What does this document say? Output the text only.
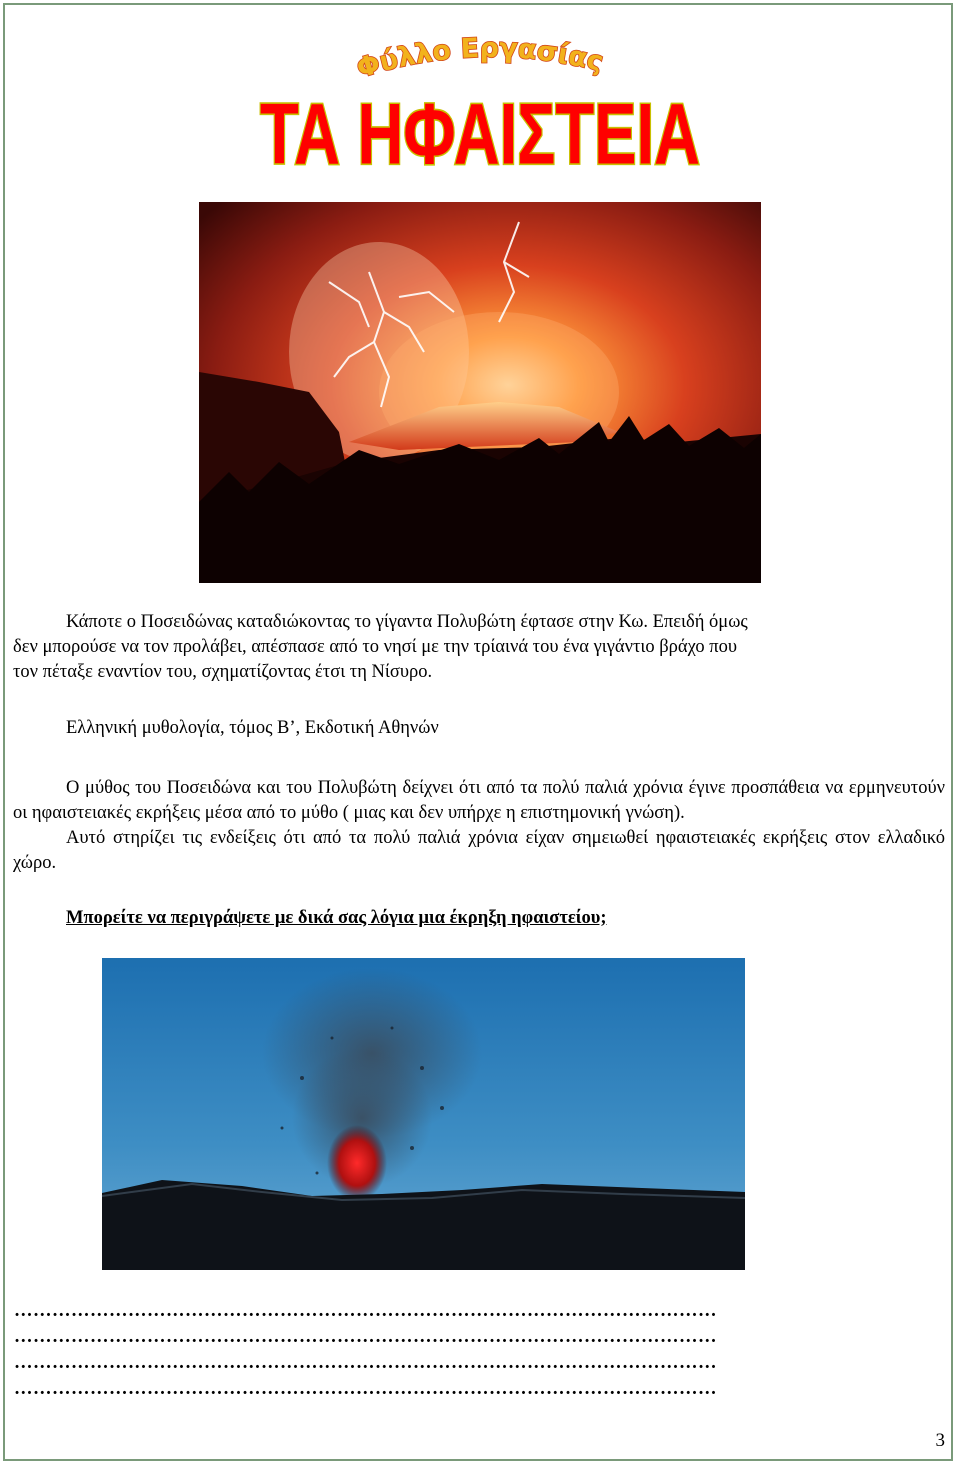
Φύλλο Εργασίας
ΤΑ ΗΦΑΙΣΤΕΙΑ
Κάποτε ο Ποσειδώνας καταδιώκοντας το γίγαντα Πολυβώτη έφτασε στην Κω. Επειδή όμως
δεν μπορούσε να τον προλάβει, απέσπασε από το νησί με την τρίαινά του ένα γιγάντιο βράχο που
τον πέταξε εναντίον του, σχηματίζοντας έτσι τη Νίσυρο.
Ελληνική μυθολογία, τόμος Β’, Εκδοτική Αθηνών

Ο μύθος του Ποσειδώνα και του Πολυβώτη δείχνει ότι από τα πολύ παλιά χρόνια έγινε προσπάθεια να ερμηνευτούν οι ηφαιστειακές εκρήξεις μέσα από το μύθο ( μιας και δεν υπήρχε η επιστημονική γνώση).

Αυτό στηρίζει τις ενδείξεις ότι από τα πολύ παλιά χρόνια είχαν σημειωθεί ηφαιστειακές εκρήξεις στον ελλαδικό χώρο.

Μπορείτε να περιγράψετε με δικά σας λόγια μια έκρηξη ηφαιστείου;
…………………………………………………………………………………………………
…………………………………………………………………………………………………
…………………………………………………………………………………………………
…………………………………………………………………………………………………
3
